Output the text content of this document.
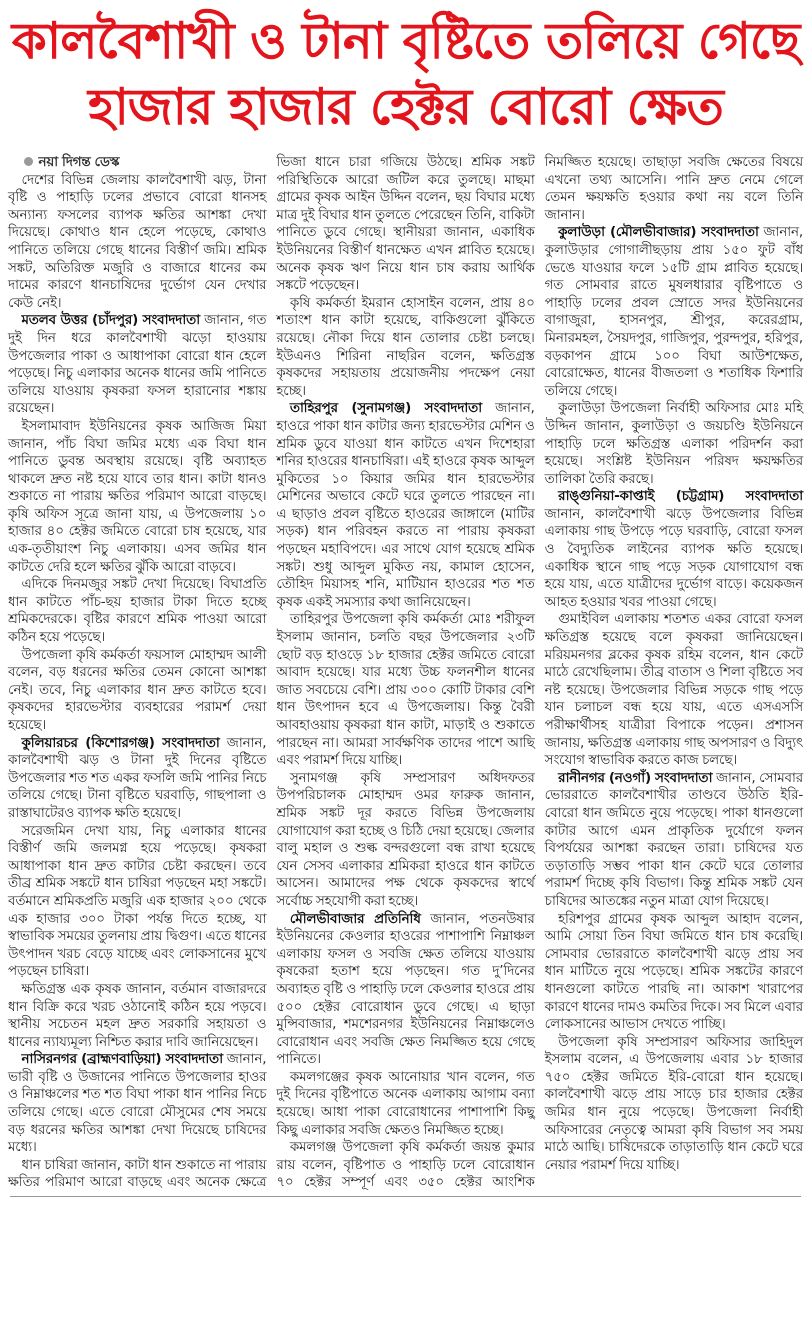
কালবৈশাখী ও টানা বৃষ্টিতে তলিয়ে গেছে
হাজার হাজার হেক্টর বোরো ক্ষেত

নয়া দিগন্ত ডেস্ক

দেশের বিভিন্ন জেলায় কালবৈশাখী ঝড়, টানা বৃষ্টি ও পাহাড়ি ঢলের প্রভাবে বোরো ধানসহ অন্যান্য ফসলের ব্যাপক ক্ষতির আশঙ্কা দেখা দিয়েছে। কোথাও ধান হেলে পড়েছে, কোথাও পানিতে তলিয়ে গেছে ধানের বিস্তীর্ণ জমি। শ্রমিক সঙ্কট, অতিরিক্ত মজুরি ও বাজারে ধানের কম দামের কারণে ধানচাষিদের দুর্ভোগ যেন দেখার কেউ নেই।

মতলব উত্তর (চাঁদপুর) সংবাদদাতা জানান, গত দুই দিন ধরে কালবৈশাখী ঝড়ো হাওয়ায় উপজেলার পাকা ও আধাপাকা বোরো ধান হেলে পড়েছে। নিচু এলাকার অনেক ধানের জমি পানিতে তলিয়ে যাওয়ায় কৃষকরা ফসল হারানোর শঙ্কায় রয়েছেন।

ইসলামাবাদ ইউনিয়নের কৃষক আজিজ মিয়া জানান, পাঁচ বিঘা জমির মধ্যে এক বিঘা ধান পানিতে ডুবন্ত অবস্থায় রয়েছে। বৃষ্টি অব্যাহত থাকলে দ্রুত নষ্ট হয়ে যাবে তার ধান। কাটা ধানও শুকাতে না পারায় ক্ষতির পরিমাণ আরো বাড়ছে। কৃষি অফিস সূত্রে জানা যায়, এ উপজেলায় ১০ হাজার ৪০ হেক্টর জমিতে বোরো চাষ হয়েছে, যার এক-তৃতীয়াংশ নিচু এলাকায়। এসব জমির ধান কাটতে দেরি হলে ক্ষতির ঝুঁকি আরো বাড়বে।

এদিকে দিনমজুর সঙ্কট দেখা দিয়েছে। বিঘাপ্রতি ধান কাটতে পাঁচ-ছয় হাজার টাকা দিতে হচ্ছে শ্রমিকদেরকে। বৃষ্টির কারণে শ্রমিক পাওয়া আরো কঠিন হয়ে পড়েছে।

উপজেলা কৃষি কর্মকর্তা ফয়সাল মোহাম্মদ আলী বলেন, বড় ধরনের ক্ষতির তেমন কোনো আশঙ্কা নেই। তবে, নিচু এলাকার ধান দ্রুত কাটতে হবে। কৃষকদের হারভেস্টার ব্যবহারের পরামর্শ দেয়া হয়েছে।

কুলিয়ারচর (কিশোরগঞ্জ) সংবাদদাতা জানান, কালবৈশাখী ঝড় ও টানা দুই দিনের বৃষ্টিতে উপজেলার শত শত একর ফসলি জমি পানির নিচে তলিয়ে গেছে। টানা বৃষ্টিতে ঘরবাড়ি, গাছপালা ও রাস্তাঘাটেরও ব্যাপক ক্ষতি হয়েছে।

সরেজমিন দেখা যায়, নিচু এলাকার ধানের বিস্তীর্ণ জমি জলমগ্ন হয়ে পড়েছে। কৃষকরা আধাপাকা ধান দ্রুত কাটার চেষ্টা করছেন। তবে তীব্র শ্রমিক সঙ্কটে ধান চাষিরা পড়ছেন মহা সঙ্কটে। বর্তমানে শ্রমিকপ্রতি মজুরি এক হাজার ২০০ থেকে এক হাজার ৩০০ টাকা পর্যন্ত দিতে হচ্ছে, যা স্বাভাবিক সময়ের তুলনায় প্রায় দ্বিগুণ। এতে ধানের উৎপাদন খরচ বেড়ে যাচ্ছে এবং লোকসানের মুখে পড়ছেন চাষিরা।

ক্ষতিগ্রস্ত এক কৃষক জানান, বর্তমান বাজারদরে ধান বিক্রি করে খরচ ওঠানোই কঠিন হয়ে পড়বে। স্থানীয় সচেতন মহল দ্রুত সরকারি সহায়তা ও ধানের ন্যায্যমূল্য নিশ্চিত করার দাবি জানিয়েছেন।

নাসিরনগর (ব্রাহ্মণবাড়িয়া) সংবাদদাতা জানান, ভারী বৃষ্টি ও উজানের পানিতে উপজেলার হাওর ও নিম্নাঞ্চলের শত শত বিঘা পাকা ধান পানির নিচে তলিয়ে গেছে। এতে বোরো মৌসুমের শেষ সময়ে বড় ধরনের ক্ষতির আশঙ্কা দেখা দিয়েছে চাষিদের মধ্যে।

ধান চাষিরা জানান, কাটা ধান শুকাতে না পারায় ক্ষতির পরিমাণ আরো বাড়ছে এবং অনেক ক্ষেত্রে ভিজা ধানে চারা গজিয়ে উঠছে। শ্রমিক সঙ্কট পরিস্থিতিকে আরো জটিল করে তুলছে। মাছমা গ্রামের কৃষক আইন উদ্দিন বলেন, ছয় বিঘার মধ্যে মাত্র দুই বিঘার ধান তুলতে পেরেছেন তিনি, বাকিটা পানিতে ডুবে গেছে। স্থানীয়রা জানান, একাধিক ইউনিয়নের বিস্তীর্ণ ধানক্ষেত এখন প্লাবিত হয়েছে। অনেক কৃষক ঋণ নিয়ে ধান চাষ করায় আর্থিক সঙ্কটে পড়েছেন।

কৃষি কর্মকর্তা ইমরান হোসাইন বলেন, প্রায় ৪০ শতাংশ ধান কাটা হয়েছে, বাকিগুলো ঝুঁকিতে রয়েছে। নৌকা দিয়ে ধান তোলার চেষ্টা চলছে। ইউএনও শিরিনা নাছরিন বলেন, ক্ষতিগ্রস্ত কৃষকদের সহায়তায় প্রয়োজনীয় পদক্ষেপ নেয়া হচ্ছে।

তাহিরপুর (সুনামগঞ্জ) সংবাদদাতা জানান, হাওরে পাকা ধান কাটার জন্য হারভেস্টার মেশিন ও শ্রমিক ডুবে যাওয়া ধান কাটতে এখন দিশেহারা শনির হাওরের ধানচাষিরা। এই হাওরে কৃষক আব্দুল মুকিতের ১০ কিয়ার জমির ধান হারভেস্টার মেশিনের অভাবে কেটে ঘরে তুলতে পারছেন না। এ ছাড়াও প্রবল বৃষ্টিতে হাওরের জাঙ্গালে (মাটির সড়ক) ধান পরিবহন করতে না পারায় কৃষকরা পড়ছেন মহাবিপদে। এর সাথে যোগ হয়েছে শ্রমিক সঙ্কট। শুধু আব্দুল মুকিত নয়, কামাল হোসেন, তৌহিদ মিয়াসহ শনি, মাটিয়ান হাওরের শত শত কৃষক একই সমস্যার কথা জানিয়েছেন।

তাহিরপুর উপজেলা কৃষি কর্মকর্তা মোঃ শরীফুল ইসলাম জানান, চলতি বছর উপজেলার ২৩টি ছোট বড় হাওড়ে ১৮ হাজার হেক্টর জমিতে বোরো আবাদ হয়েছে। যার মধ্যে উচ্চ ফলনশীল ধানের জাত সবচেয়ে বেশি। প্রায় ৩০০ কোটি টাকার বেশি ধান উৎপাদন হবে এ উপজেলায়। কিন্তু বৈরী আবহাওয়ায় কৃষকরা ধান কাটা, মাড়াই ও শুকাতে পারছেন না। আমরা সার্বক্ষণিক তাদের পাশে আছি এবং পরামর্শ দিয়ে যাচ্ছি।

সুনামগঞ্জ কৃষি সম্প্রসারণ অধিদফতর উপপরিচালক মোহাম্মদ ওমর ফারুক জানান, শ্রমিক সঙ্কট দূর করতে বিভিন্ন উপজেলায় যোগাযোগ করা হচ্ছে ও চিঠি দেয়া হয়েছে। জেলার বালু মহাল ও শুল্ক বন্দরগুলো বন্ধ রাখা হয়েছে যেন সেসব এলাকার শ্রমিকরা হাওরে ধান কাটতে আসেন। আমাদের পক্ষ থেকে কৃষকদের স্বার্থে সর্বোচ্চ সহযোগী করা হচ্ছে।

মৌলভীবাজার প্রতিনিধি জানান, পতনউষার ইউনিয়নের কেওলার হাওরের পাশাপাশি নিম্নাঞ্চল এলাকায় ফসল ও সবজি ক্ষেত তলিয়ে যাওয়ায় কৃষকেরা হতাশ হয়ে পড়ছেন। গত দু’দিনের অব্যাহত বৃষ্টি ও পাহাড়ি ঢলে কেওলার হাওরে প্রায় ৫০০ হেক্টর বোরোধান ডুবে গেছে। এ ছাড়া মুন্সিবাজার, শমশেরনগর ইউনিয়নের নিম্নাঞ্চলেও বোরোধান এবং সবজি ক্ষেত নিমজ্জিত হয়ে গেছে পানিতে।

কমলগঞ্জের কৃষক আনোয়ার খান বলেন, গত দুই দিনের বৃষ্টিপাতে অনেক এলাকায় আগাম বন্যা হয়েছে। আধা পাকা বোরোধানের পাশাপাশি কিছু কিছু এলাকার সবজি ক্ষেতও নিমজ্জিত হচ্ছে।

কমলগঞ্জ উপজেলা কৃষি কর্মকর্তা জয়ন্ত কুমার রায় বলেন, বৃষ্টিপাত ও পাহাড়ি ঢলে বোরোধান ৭০ হেক্টর সম্পূর্ণ এবং ৩৫০ হেক্টর আংশিক নিমজ্জিত হয়েছে। তাছাড়া সবজি ক্ষেতের বিষয়ে এখনো তথ্য আসেনি। পানি দ্রুত নেমে গেলে তেমন ক্ষয়ক্ষতি হওয়ার কথা নয় বলে তিনি জানান।

কুলাউড়া (মৌলভীবাজার) সংবাদদাতা জানান, কুলাউড়ার গোগালীছড়ায় প্রায় ১৫০ ফুট বাঁধ ভেঙে যাওয়ার ফলে ১৫টি গ্রাম প্লাবিত হয়েছে। গত সোমবার রাতে মুষলধারার বৃষ্টিপাতে ও পাহাড়ি ঢলের প্রবল স্রোতে সদর ইউনিয়নের বাগাজুরা, হাসনপুর, শ্রীপুর, করেরগ্রাম, মিনারমহল, সৈয়দপুর, গাজিপুর, পুরন্দপুর, হরিপুর, বড়কাপন গ্রামে ১০০ বিঘা আউশক্ষেত, বোরোক্ষেত, ধানের বীজতলা ও শতাধিক ফিশারি তলিয়ে গেছে।

কুলাউড়া উপজেলা নির্বাহী অফিসার মোঃ মহি উদ্দিন জানান, কুলাউড়া ও জয়চণ্ডি ইউনিয়নে পাহাড়ি ঢলে ক্ষতিগ্রস্ত এলাকা পরিদর্শন করা হয়েছে। সংশ্লিষ্ট ইউনিয়ন পরিষদ ক্ষয়ক্ষতির তালিকা তৈরি করছে।

রাঙ্গুনিয়া-কাপ্তাই (চট্টগ্রাম) সংবাদদাতা জানান, কালবৈশাখী ঝড়ে উপজেলার বিভিন্ন এলাকায় গাছ উপড়ে পড়ে ঘরবাড়ি, বোরো ফসল ও বৈদ্যুতিক লাইনের ব্যাপক ক্ষতি হয়েছে। একাধিক স্থানে গাছ পড়ে সড়ক যোগাযোগ বন্ধ হয়ে যায়, এতে যাত্রীদের দুর্ভোগ বাড়ে। কয়েকজন আহত হওয়ার খবর পাওয়া গেছে।

গুমাইবিল এলাকায় শতশত একর বোরো ফসল ক্ষতিগ্রস্ত হয়েছে বলে কৃষকরা জানিয়েছেন। মরিয়মনগর ব্লকের কৃষক রহিম বলেন, ধান কেটে মাঠে রেখেছিলাম। তীব্র বাতাস ও শিলা বৃষ্টিতে সব নষ্ট হয়েছে। উপজেলার বিভিন্ন সড়কে গাছ পড়ে যান চলাচল বন্ধ হয়ে যায়, এতে এসএসসি পরীক্ষার্থীসহ যাত্রীরা বিপাকে পড়েন। প্রশাসন জানায়, ক্ষতিগ্রস্ত এলাকায় গাছ অপসারণ ও বিদ্যুৎ সংযোগ স্বাভাবিক করতে কাজ চলছে।

রানীনগর (নওগাঁ) সংবাদদাতা জানান, সোমবার ভোররাতে কালবৈশাখীর তাণ্ডবে উঠতি ইরি-বোরো ধান জমিতে নুয়ে পড়েছে। পাকা ধানগুলো কাটার আগে এমন প্রাকৃতিক দুর্যোগে ফলন বিপর্যয়ের আশঙ্কা করছেন তারা। চাষিদের যত তড়াতাড়ি সম্ভব পাকা ধান কেটে ঘরে তোলার পরামর্শ দিচ্ছে কৃষি বিভাগ। কিন্তু শ্রমিক সঙ্কট যেন চাষিদের আতঙ্কের নতুন মাত্রা যোগ দিয়েছে।

হরিশপুর গ্রামের কৃষক আব্দুল আহাদ বলেন, আমি সোয়া তিন বিঘা জমিতে ধান চাষ করেছি। সোমবার ভোররাতে কালবৈশাখী ঝড়ে প্রায় সব ধান মাটিতে নুয়ে পড়েছে। শ্রমিক সঙ্কটের কারণে ধানগুলো কাটতে পারছি না। আকাশ খারাপের কারণে ধানের দামও কমতির দিকে। সব মিলে এবার লোকসানের আভাস দেখতে পাচ্ছি।

উপজেলা কৃষি সম্প্রসারণ অফিসার জাহিদুল ইসলাম বলেন, এ উপজেলায় এবার ১৮ হাজার ৭৫০ হেক্টর জমিতে ইরি-বোরো ধান হয়েছে। কালবৈশাখী ঝড়ে প্রায় সাড়ে চার হাজার হেক্টর জমির ধান নুয়ে পড়েছে। উপজেলা নির্বাহী অফিসারের নেতৃত্বে আমরা কৃষি বিভাগ সব সময় মাঠে আছি। চাষিদেরকে তাড়াতাড়ি ধান কেটে ঘরে নেয়ার পরামর্শ দিয়ে যাচ্ছি।
